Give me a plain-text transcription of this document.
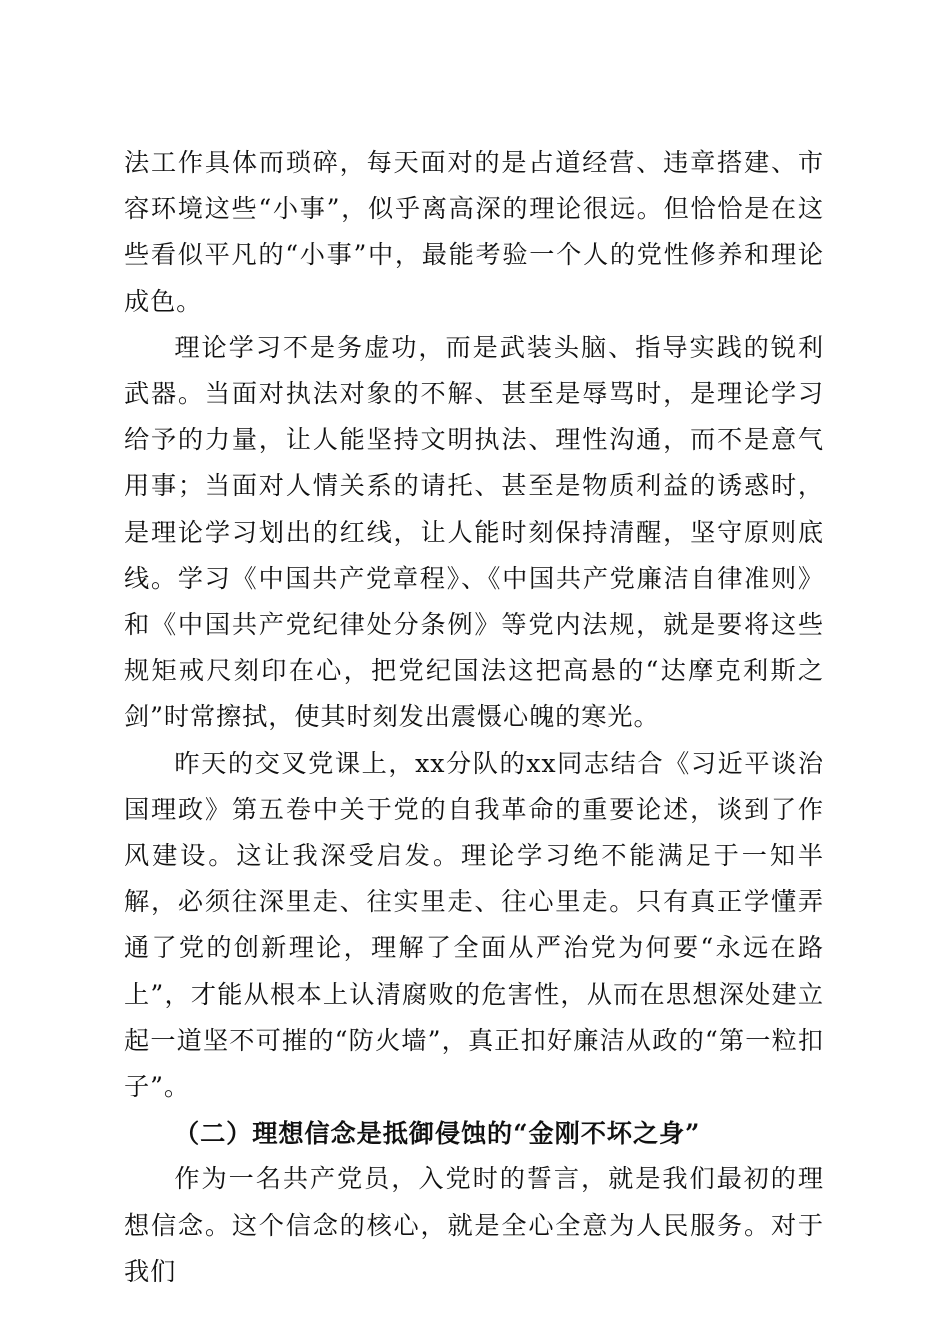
法工作具体而琐碎，每天面对的是占道经营、违章搭建、市容环境这些“小事”，似乎离高深的理论很远。但恰恰是在这些看似平凡的“小事”中，最能考验一个人的党性修养和理论成色。

理论学习不是务虚功，而是武装头脑、指导实践的锐利武器。当面对执法对象的不解、甚至是辱骂时，是理论学习给予的力量，让人能坚持文明执法、理性沟通，而不是意气用事；当面对人情关系的请托、甚至是物质利益的诱惑时，是理论学习划出的红线，让人能时刻保持清醒，坚守原则底线。学习《中国共产党章程》、《中国共产党廉洁自律准则》和《中国共产党纪律处分条例》等党内法规，就是要将这些规矩戒尺刻印在心，把党纪国法这把高悬的“达摩克利斯之剑”时常擦拭，使其时刻发出震慑心魄的寒光。

昨天的交叉党课上，xx分队的xx同志结合《习近平谈治国理政》第五卷中关于党的自我革命的重要论述，谈到了作风建设。这让我深受启发。理论学习绝不能满足于一知半解，必须往深里走、往实里走、往心里走。只有真正学懂弄通了党的创新理论，理解了全面从严治党为何要“永远在路上”，才能从根本上认清腐败的危害性，从而在思想深处建立起一道坚不可摧的“防火墙”，真正扣好廉洁从政的“第一粒扣子”。

（二）理想信念是抵御侵蚀的“金刚不坏之身”

作为一名共产党员，入党时的誓言，就是我们最初的理想信念。这个信念的核心，就是全心全意为人民服务。对于我们
